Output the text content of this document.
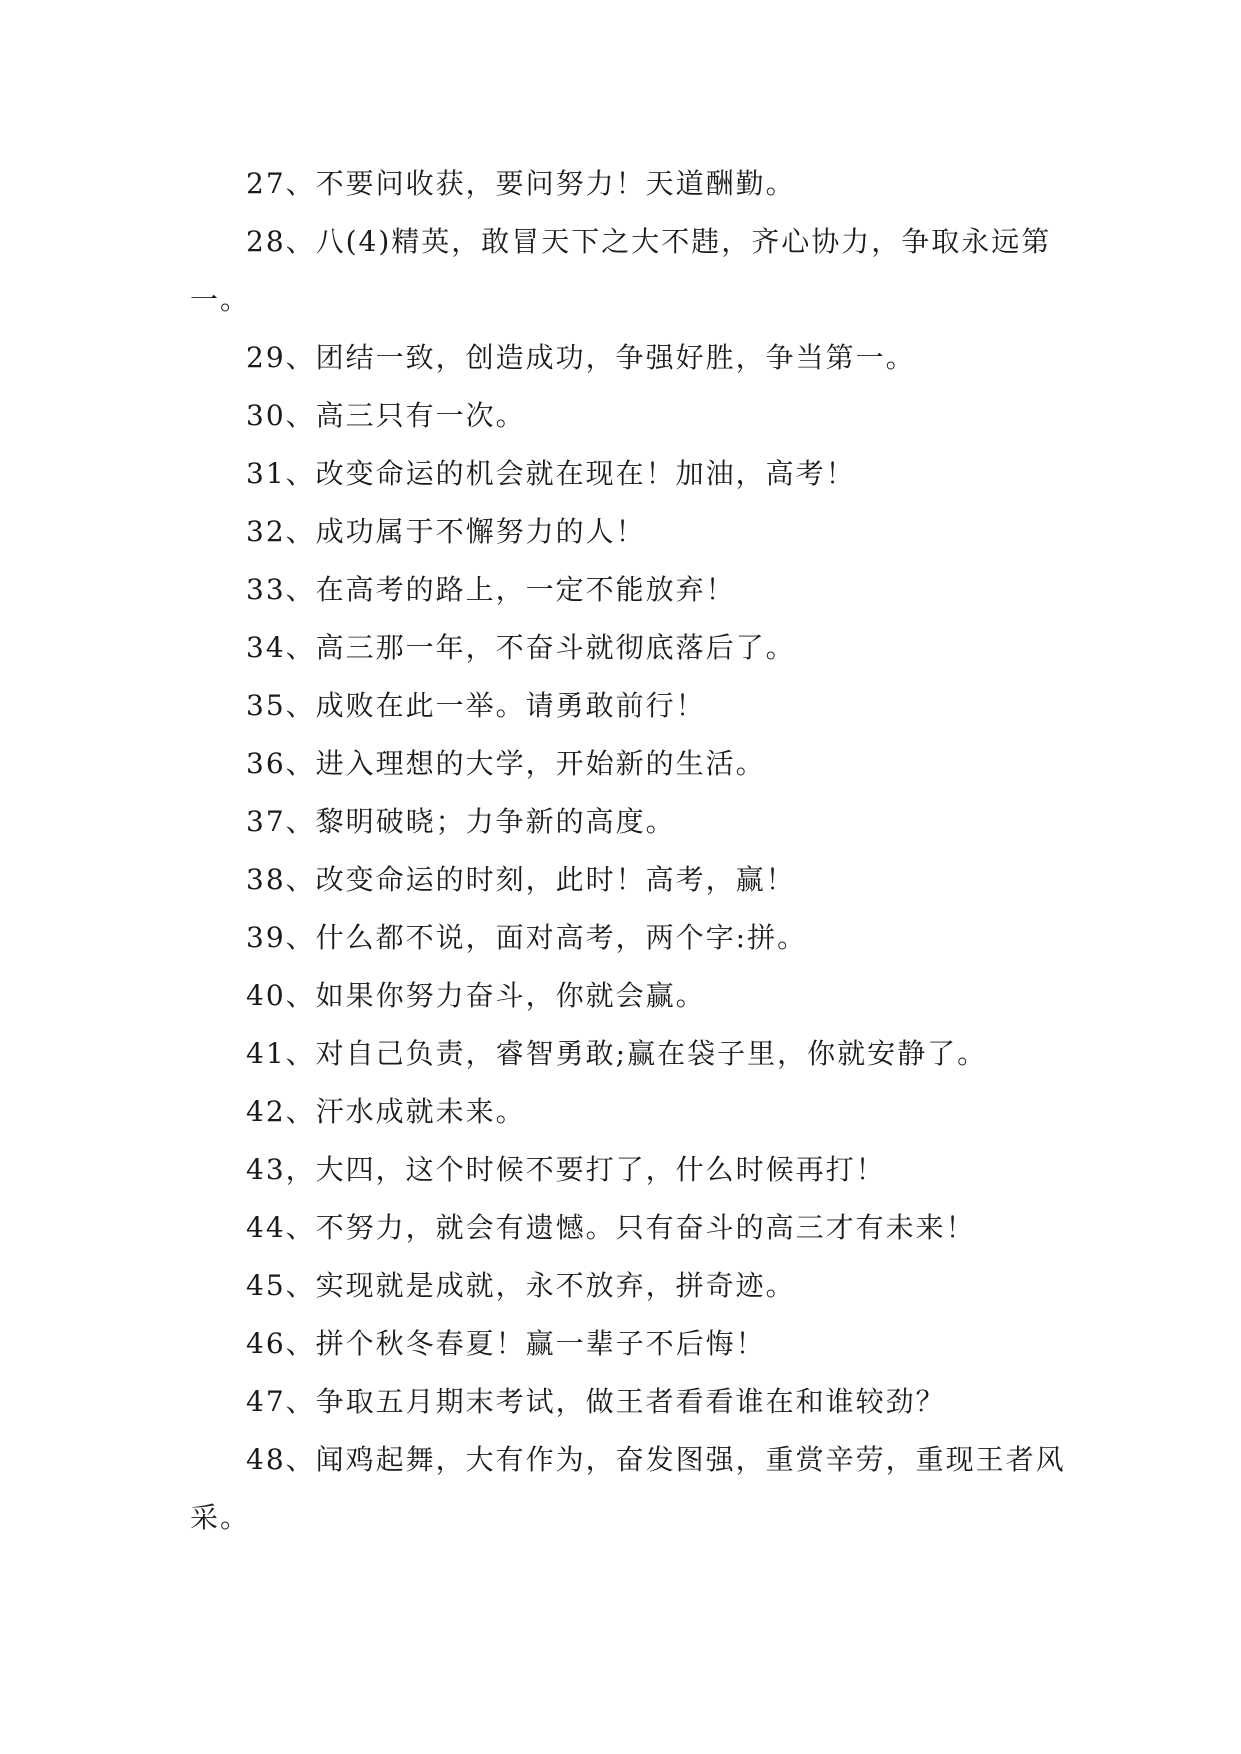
27、不要问收获，要问努力！天道酬勤。

28、八(4)精英，敢冒天下之大不韪，齐心协力，争取永远第一。

29、团结一致，创造成功，争强好胜，争当第一。

30、高三只有一次。

31、改变命运的机会就在现在！加油，高考！

32、成功属于不懈努力的人！

33、在高考的路上，一定不能放弃！

34、高三那一年，不奋斗就彻底落后了。

35、成败在此一举。请勇敢前行！

36、进入理想的大学，开始新的生活。

37、黎明破晓；力争新的高度。

38、改变命运的时刻，此时！高考，赢！

39、什么都不说，面对高考，两个字:拼。

40、如果你努力奋斗，你就会赢。

41、对自己负责，睿智勇敢;赢在袋子里，你就安静了。

42、汗水成就未来。

43，大四，这个时候不要打了，什么时候再打！

44、不努力，就会有遗憾。只有奋斗的高三才有未来！

45、实现就是成就，永不放弃，拼奇迹。

46、拼个秋冬春夏！赢一辈子不后悔！

47、争取五月期末考试，做王者看看谁在和谁较劲？

48、闻鸡起舞，大有作为，奋发图强，重赏辛劳，重现王者风采。
